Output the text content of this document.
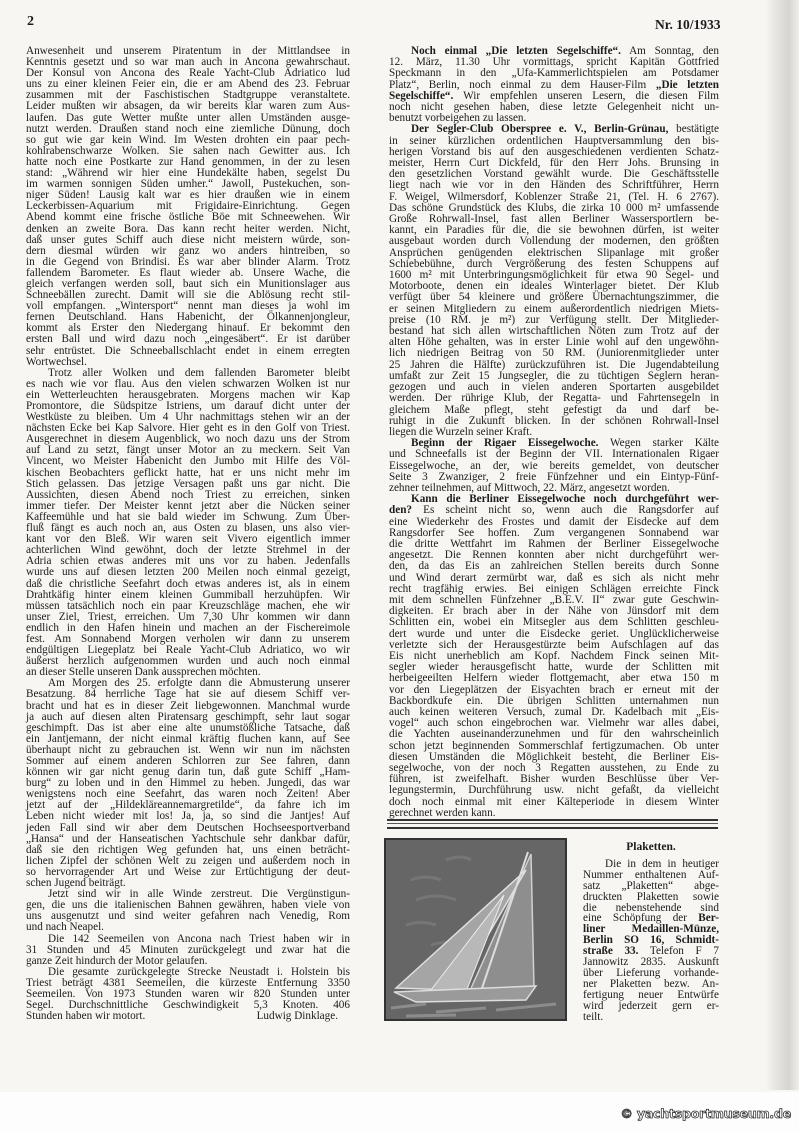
2	Nr. 10/1933
Anwesenheit und unserem Piratentum in der Mittlandsee in
Kenntnis gesetzt und so war man auch in Ancona gewahrschaut.
Der Konsul von Ancona des Reale Yacht-Club Adriatico lud
uns zu einer kleinen Feier ein, die er am Abend des 23. Februar
zusammen mit der Faschistischen Stadtgruppe veranstaltete.
Leider mußten wir absagen, da wir bereits klar waren zum Aus-
laufen. Das gute Wetter mußte unter allen Umständen ausge-
nutzt werden. Draußen stand noch eine ziemliche Dünung, doch
so gut wie gar kein Wind. Im Westen drohten ein paar pech-
kohlrabenschwarze Wolken. Sie sahen nach Gewitter aus. Ich
hatte noch eine Postkarte zur Hand genommen, in der zu lesen
stand: „Während wir hier eine Hundekälte haben, segelst Du
im warmen sonnigen Süden umher.“ Jawoll, Pustekuchen, son-
niger Süden! Lausig kalt war es hier draußen wie in einem
Leckerbissen-Aquarium mit Frigidaire-Einrichtung. Gegen
Abend kommt eine frische östliche Böe mit Schneewehen. Wir
denken an zweite Bora. Das kann recht heiter werden. Nicht,
daß unser gutes Schiff auch diese nicht meistern würde, son-
dern diesmal würden wir ganz wo anders hintreiben, so
in die Gegend von Brindisi. Es war aber blinder Alarm. Trotz
fallendem Barometer. Es flaut wieder ab. Unsere Wache, die
gleich verfangen werden soll, baut sich ein Munitionslager aus
Schneebällen zurecht. Damit will sie die Ablösung recht stil-
voll empfangen. „Wintersport“ nennt man dieses ja wohl im
fernen Deutschland. Hans Habenicht, der Ölkannenjongleur,
kommt als Erster den Niedergang hinauf. Er bekommt den
ersten Ball und wird dazu noch „eingesäbert“. Er ist darüber
sehr entrüstet. Die Schneeballschlacht endet in einem erregten
Wortwechsel.
Trotz aller Wolken und dem fallenden Barometer bleibt
es nach wie vor flau. Aus den vielen schwarzen Wolken ist nur
ein Wetterleuchten herausgebraten. Morgens machen wir Kap
Promontore, die Südspitze Istriens, um darauf dicht unter der
Westküste zu bleiben. Um 4 Uhr nachmittags stehen wir an der
nächsten Ecke bei Kap Salvore. Hier geht es in den Golf von Triest.
Ausgerechnet in diesem Augenblick, wo noch dazu uns der Strom
auf Land zu setzt, fängt unser Motor an zu meckern. Seit Van
Vincent, wo Meister Habenicht den Jumbo mit Hilfe des Völ-
kischen Beobachters geflickt hatte, hat er uns nicht mehr im
Stich gelassen. Das jetzige Versagen paßt uns gar nicht. Die
Aussichten, diesen Abend noch Triest zu erreichen, sinken
immer tiefer. Der Meister kennt jetzt aber die Nücken seiner
Kaffeemühle und hat sie bald wieder im Schwung. Zum Über-
fluß fängt es auch noch an, aus Osten zu blasen, uns also vier-
kant vor den Bleß. Wir waren seit Vivero eigentlich immer
achterlichen Wind gewöhnt, doch der letzte Strehmel in der
Adria schien etwas anderes mit uns vor zu haben. Jedenfalls
wurde uns auf diesen letzten 200 Meilen noch einmal gezeigt,
daß die christliche Seefahrt doch etwas anderes ist, als in einem
Drahtkäfig hinter einem kleinen Gummiball herzuhüpfen. Wir
müssen tatsächlich noch ein paar Kreuzschläge machen, ehe wir
unser Ziel, Triest, erreichen. Um 7,30 Uhr kommen wir dann
endlich in den Hafen hinein und machen an der Fischereimole
fest. Am Sonnabend Morgen verholen wir dann zu unserem
endgültigen Liegeplatz bei Reale Yacht-Club Adriatico, wo wir
äußerst herzlich aufgenommen wurden und auch noch einmal
an dieser Stelle unseren Dank aussprechen möchten.
Am Morgen des 25. erfolgte dann die Abmusterung unserer
Besatzung. 84 herrliche Tage hat sie auf diesem Schiff ver-
bracht und hat es in dieser Zeit liebgewonnen. Manchmal wurde
ja auch auf diesen alten Piratensarg geschimpft, sehr laut sogar
geschimpft. Das ist aber eine alte unumstößliche Tatsache, daß
ein Jantjemann, der nicht einmal kräftig fluchen kann, auf See
überhaupt nicht zu gebrauchen ist. Wenn wir nun im nächsten
Sommer auf einem anderen Schlorren zur See fahren, dann
können wir gar nicht genug darin tun, daß gute Schiff „Ham-
burg“ zu loben und in den Himmel zu heben. Jungedi, das war
wenigstens noch eine Seefahrt, das waren noch Zeiten! Aber
jetzt auf der „Hildekläreannemargretilde“, da fahre ich im
Leben nicht wieder mit los! Ja, ja, so sind die Jantjes! Auf
jeden Fall sind wir aber dem Deutschen Hochseesportverband
„Hansa“ und der Hanseatischen Yachtschule sehr dankbar dafür,
daß sie den richtigen Weg gefunden hat, uns einen beträcht-
lichen Zipfel der schönen Welt zu zeigen und außerdem noch in
so hervorragender Art und Weise zur Ertüchtigung der deut-
schen Jugend beiträgt.
Jetzt sind wir in alle Winde zerstreut. Die Vergünstigun-
gen, die uns die italienischen Bahnen gewähren, haben viele von
uns ausgenutzt und sind weiter gefahren nach Venedig, Rom
und nach Neapel.
Die 142 Seemeilen von Ancona nach Triest haben wir in
31 Stunden und 45 Minuten zurückgelegt und zwar hat die
ganze Zeit hindurch der Motor gelaufen.
Die gesamte zurückgelegte Strecke Neustadt i. Holstein bis
Triest beträgt 4381 Seemeilen, die kürzeste Entfernung 3350
Seemeilen. Von 1973 Stunden waren wir 820 Stunden unter
Segel. Durchschnittliche Geschwindigkeit 5,3 Knoten. 406
Stunden haben wir motort.	Ludwig Dinklage.
Noch einmal „Die letzten Segelschiffe“. Am Sonntag, den
12. März, 11.30 Uhr vormittags, spricht Kapitän Gottfried
Speckmann in den „Ufa-Kammerlichtspielen am Potsdamer
Platz“, Berlin, noch einmal zu dem Hauser-Film „Die letzten
Segelschiffe“. Wir empfehlen unseren Lesern, die diesen Film
noch nicht gesehen haben, diese letzte Gelegenheit nicht un-
benutzt vorbeigehen zu lassen.
Der Segler-Club Oberspree e. V., Berlin-Grünau, bestätigte
in seiner kürzlichen ordentlichen Hauptversammlung den bis-
herigen Vorstand bis auf den ausgeschiedenen verdienten Schatz-
meister, Herrn Curt Dickfeld, für den Herr Johs. Brunsing in
den gesetzlichen Vorstand gewählt wurde. Die Geschäftsstelle
liegt nach wie vor in den Händen des Schriftführer, Herrn
F. Weigel, Wilmersdorf, Koblenzer Straße 21, (Tel. H. 6 2767).
Das schöne Grundstück des Klubs, die zirka 10 000 m² umfassende
Große Rohrwall-Insel, fast allen Berliner Wassersportlern be-
kannt, ein Paradies für die, die sie bewohnen dürfen, ist weiter
ausgebaut worden durch Vollendung der modernen, den größten
Ansprüchen genügenden elektrischen Slipanlage mit großer
Schiebebühne, durch Vergrößerung des festen Schuppens auf
1600 m² mit Unterbringungsmöglichkeit für etwa 90 Segel- und
Motorboote, denen ein ideales Winterlager bietet. Der Klub
verfügt über 54 kleinere und größere Übernachtungszimmer, die
er seinen Mitgliedern zu einem außerordentlich niedrigen Miets-
preise (10 RM. je m²) zur Verfügung stellt. Der Mitglieder-
bestand hat sich allen wirtschaftlichen Nöten zum Trotz auf der
alten Höhe gehalten, was in erster Linie wohl auf den ungewöhn-
lich niedrigen Beitrag von 50 RM. (Juniorenmitglieder unter
25 Jahren die Hälfte) zurückzuführen ist. Die Jugendabteilung
umfaßt zur Zeit 15 Jungsegler, die zu tüchtigen Seglern heran-
gezogen und auch in vielen anderen Sportarten ausgebildet
werden. Der rührige Klub, der Regatta- und Fahrtensegeln in
gleichem Maße pflegt, steht gefestigt da und darf be-
ruhigt in die Zukunft blicken. In der schönen Rohrwall-Insel
liegen die Wurzeln seiner Kraft.
Beginn der Rigaer Eissegelwoche. Wegen starker Kälte
und Schneefalls ist der Beginn der VII. Internationalen Rigaer
Eissegelwoche, an der, wie bereits gemeldet, von deutscher
Seite 3 Zwanziger, 2 freie Fünfzehner und ein Eintyp-Fünf-
zehner teilnehmen, auf Mittwoch, 22. März, angesetzt worden.
Kann die Berliner Eissegelwoche noch durchgeführt wer-
den? Es scheint nicht so, wenn auch die Rangsdorfer auf
eine Wiederkehr des Frostes und damit der Eisdecke auf dem
Rangsdorfer See hoffen. Zum vergangenen Sonnabend war
die dritte Wettfahrt im Rahmen der Berliner Eissegelwoche
angesetzt. Die Rennen konnten aber nicht durchgeführt wer-
den, da das Eis an zahlreichen Stellen bereits durch Sonne
und Wind derart zermürbt war, daß es sich als nicht mehr
recht tragfähig erwies. Bei einigen Schlägen erreichte Finck
mit dem schnellen Fünfzehner „B.E.V. II“ zwar gute Geschwin-
digkeiten. Er brach aber in der Nähe von Jünsdorf mit dem
Schlitten ein, wobei ein Mitsegler aus dem Schlitten geschleu-
dert wurde und unter die Eisdecke geriet. Unglücklicherweise
verletzte sich der Herausgestürzte beim Aufschlagen auf das
Eis nicht unerheblich am Kopf. Nachdem Finck seinen Mit-
segler wieder herausgefischt hatte, wurde der Schlitten mit
herbeigeeilten Helfern wieder flottgemacht, aber etwa 150 m
vor den Liegeplätzen der Eisyachten brach er erneut mit der
Backbordkufe ein. Die übrigen Schlitten unternahmen nun
auch keinen weiteren Versuch, zumal Dr. Kadelbach mit „Eis-
vogel“ auch schon eingebrochen war. Vielmehr war alles dabei,
die Yachten auseinanderzunehmen und für den wahrscheinlich
schon jetzt beginnenden Sommerschlaf fertigzumachen. Ob unter
diesen Umständen die Möglichkeit besteht, die Berliner Eis-
segelwoche, von der noch 3 Regatten ausstehen, zu Ende zu
führen, ist zweifelhaft. Bisher wurden Beschlüsse über Ver-
legungstermin, Durchführung usw. nicht gefaßt, da vielleicht
doch noch einmal mit einer Kälteperiode in diesem Winter
gerechnet werden kann.
Plaketten.
Die in dem in heutiger
Nummer enthaltenen Auf-
satz „Plaketten“ abge-
druckten Plaketten sowie
die nebenstehende sind
eine Schöpfung der Ber-
liner Medaillen-Münze,
Berlin SO 16, Schmidt-
straße 33. Telefon F 7
Jannowitz 2835. Auskunft
über Lieferung vorhande-
ner Plaketten bezw. An-
fertigung neuer Entwürfe
wird jederzeit gern er-
teilt.
© yachtsportmuseum.de
